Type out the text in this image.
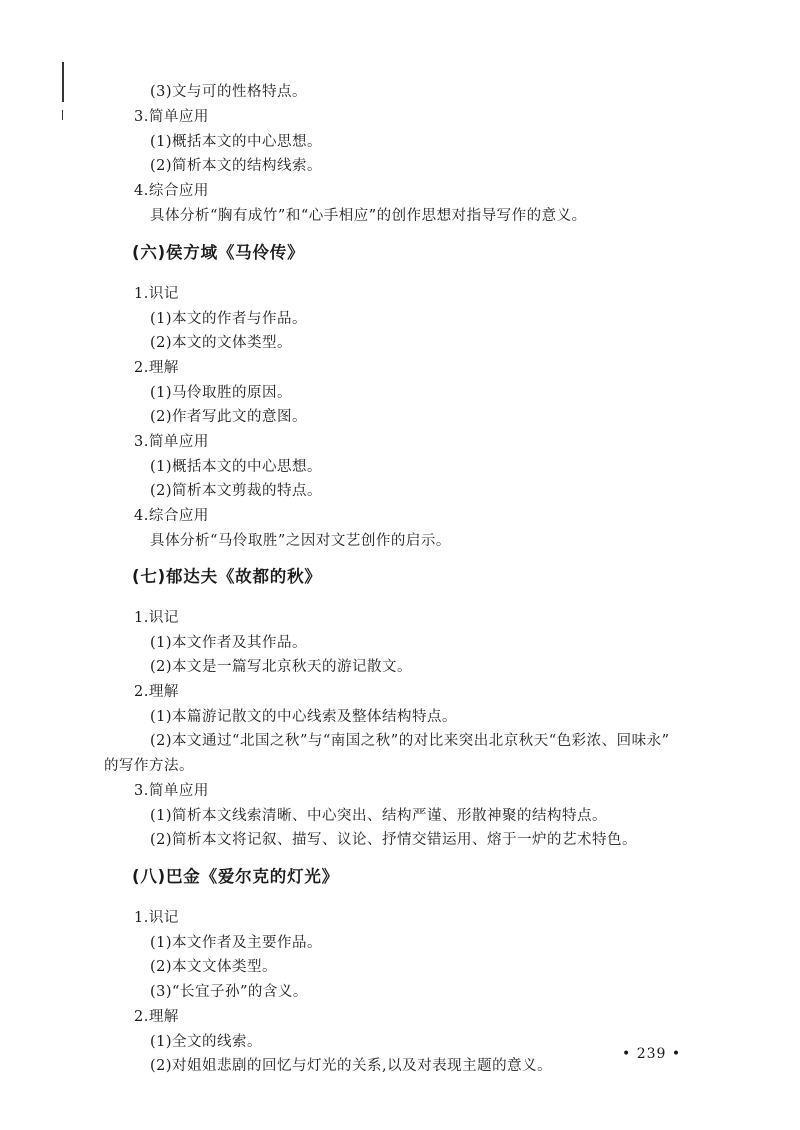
(3)文与可的性格特点。
3.简单应用
(1)概括本文的中心思想。
(2)简析本文的结构线索。
4.综合应用
具体分析“胸有成竹”和“心手相应”的创作思想对指导写作的意义。
(六)侯方域《马伶传》
1.识记
(1)本文的作者与作品。
(2)本文的文体类型。
2.理解
(1)马伶取胜的原因。
(2)作者写此文的意图。
3.简单应用
(1)概括本文的中心思想。
(2)简析本文剪裁的特点。
4.综合应用
具体分析“马伶取胜”之因对文艺创作的启示。
(七)郁达夫《故都的秋》
1.识记
(1)本文作者及其作品。
(2)本文是一篇写北京秋天的游记散文。
2.理解
(1)本篇游记散文的中心线索及整体结构特点。
(2)本文通过“北国之秋”与“南国之秋”的对比来突出北京秋天“色彩浓、回味永”
的写作方法。
3.简单应用
(1)简析本文线索清晰、中心突出、结构严谨、形散神聚的结构特点。
(2)简析本文将记叙、描写、议论、抒情交错运用、熔于一炉的艺术特色。
(八)巴金《爱尔克的灯光》
1.识记
(1)本文作者及主要作品。
(2)本文文体类型。
(3)“长宜子孙”的含义。
2.理解
(1)全文的线索。
(2)对姐姐悲剧的回忆与灯光的关系,以及对表现主题的意义。
• 239 •
